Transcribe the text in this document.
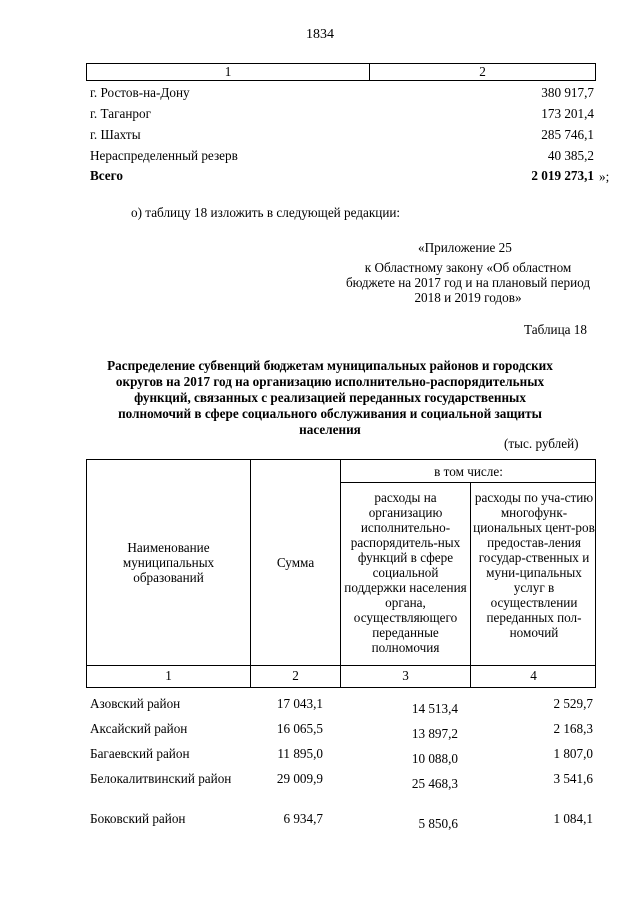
1834
1	2
г. Ростов-на-Дону	380 917,7
г. Таганрог	173 201,4
г. Шахты	285 746,1
Нераспределенный резерв	40 385,2
Всего	2 019 273,1 »;
о) таблицу 18 изложить в следующей редакции:
«Приложение 25
к Областному закону «Об областном бюджете на 2017 год и на плановый период 2018 и 2019 годов»
Таблица 18
Распределение субвенций бюджетам муниципальных районов и городских округов на 2017 год на организацию исполнительно-распорядительных функций, связанных с реализацией переданных государственных полномочий в сфере социального обслуживания и социальной защиты населения
(тыс. рублей)
Наименование муниципальных образований
Сумма
в том числе:
расходы на организацию исполнительно-распорядитель-ных функций в сфере социальной поддержки населения органа, осуществляющего переданные полномочия
расходы по уча-стию многофунк-циональных цент-ров предостав-ления государ-ственных и муни-ципальных услуг в осуществлении переданных пол-номочий
1	2	3	4
Азовский район	17 043,1	14 513,4	2 529,7
Аксайский район	16 065,5	13 897,2	2 168,3
Багаевский район	11 895,0	10 088,0	1 807,0
Белокалитвинский район	29 009,9	25 468,3	3 541,6
Боковский район	6 934,7	5 850,6	1 084,1
